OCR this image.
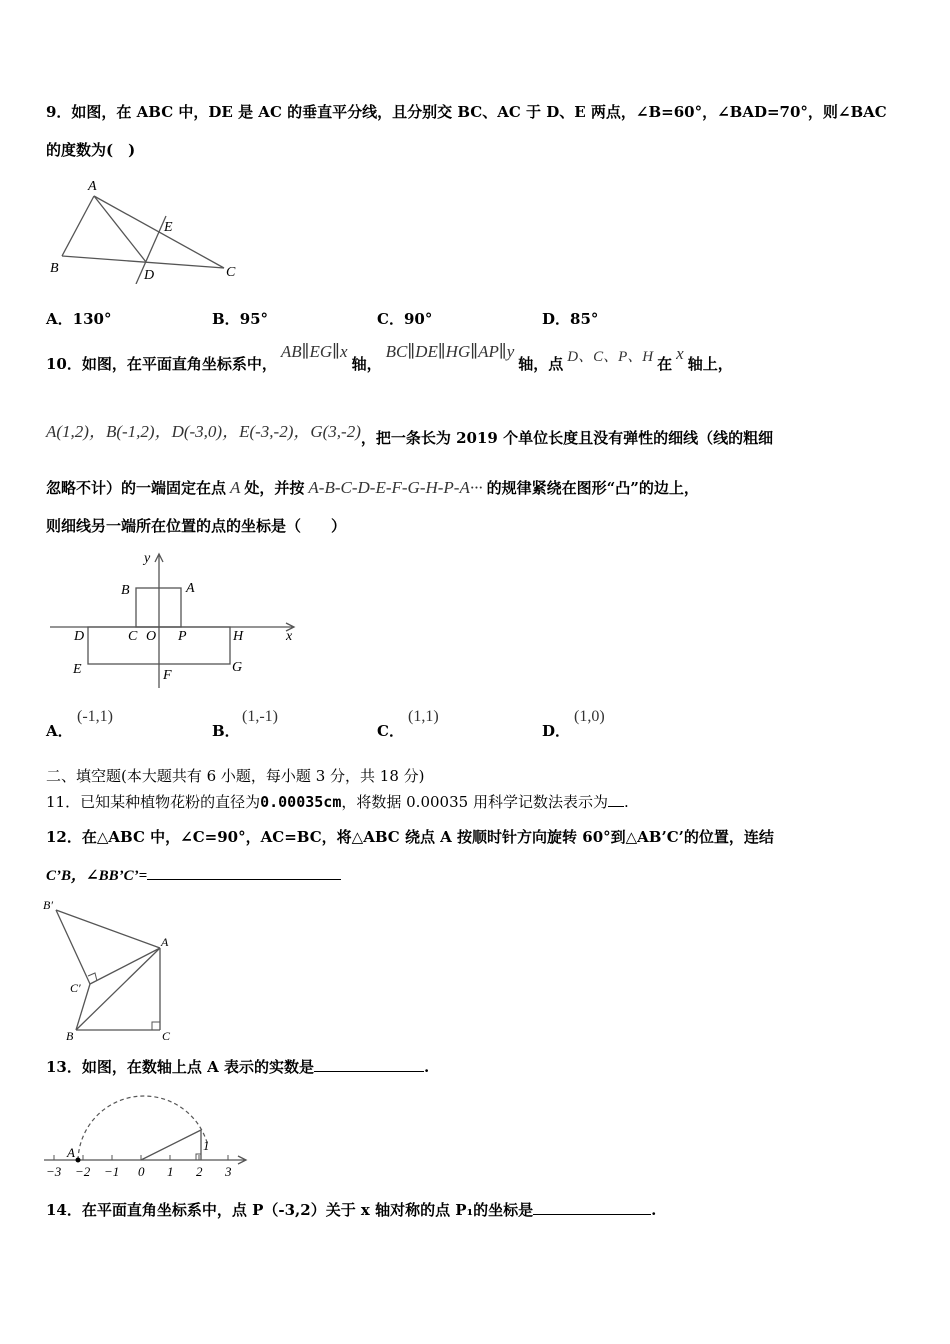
9．如图，在 ABC 中，DE 是 AC 的垂直平分线，且分别交 BC、AC 于 D、E 两点，∠B=60°，∠BAD=70°，则∠BAC
的度数为(　)
A
E
B	D	C
A．130°	B．95°	C．90°	D．85°
10．如图，在平面直角坐标系中，AB∥EG∥x轴，BC∥DE∥HG∥AP∥y轴，点 D、C、P、H 在x轴上，
A(1,2)，B(-1,2)，D(-3,0)，E(-3,-2)，G(3,-2)，把一条长为 2019 个单位长度且没有弹性的细线（线的粗细
忽略不计）的一端固定在点 A 处，并按 A-B-C-D-E-F-G-H-P-A··· 的规律紧绕在图形“凸”的边上，
则细线另一端所在位置的点的坐标是（　　）
y
B	A
D	C O P	H	x
E	F
G
A．
(-1,1)
B．
(1,-1)
C．
(1,1)
D．
(1,0)
二、填空题(本大题共有 6 小题，每小题 3 分，共 18 分)
11．已知某种植物花粉的直径为0.00035cm，将数据 0.00035 用科学记数法表示为 .
12．在△ABC 中，∠C=90°，AC=BC，将△ABC 绕点 A 按顺时针方向旋转 60°到△AB’C’的位置，连结
C’B，∠BB’C’=
B′
A
C′
B	C
13．如图，在数轴上点 A 表示的实数是	.
A	1
−3 −2 −1 0 1 2 3
14．在平面直角坐标系中，点 P（-3,2）关于 x 轴对称的点 P₁的坐标是	.
